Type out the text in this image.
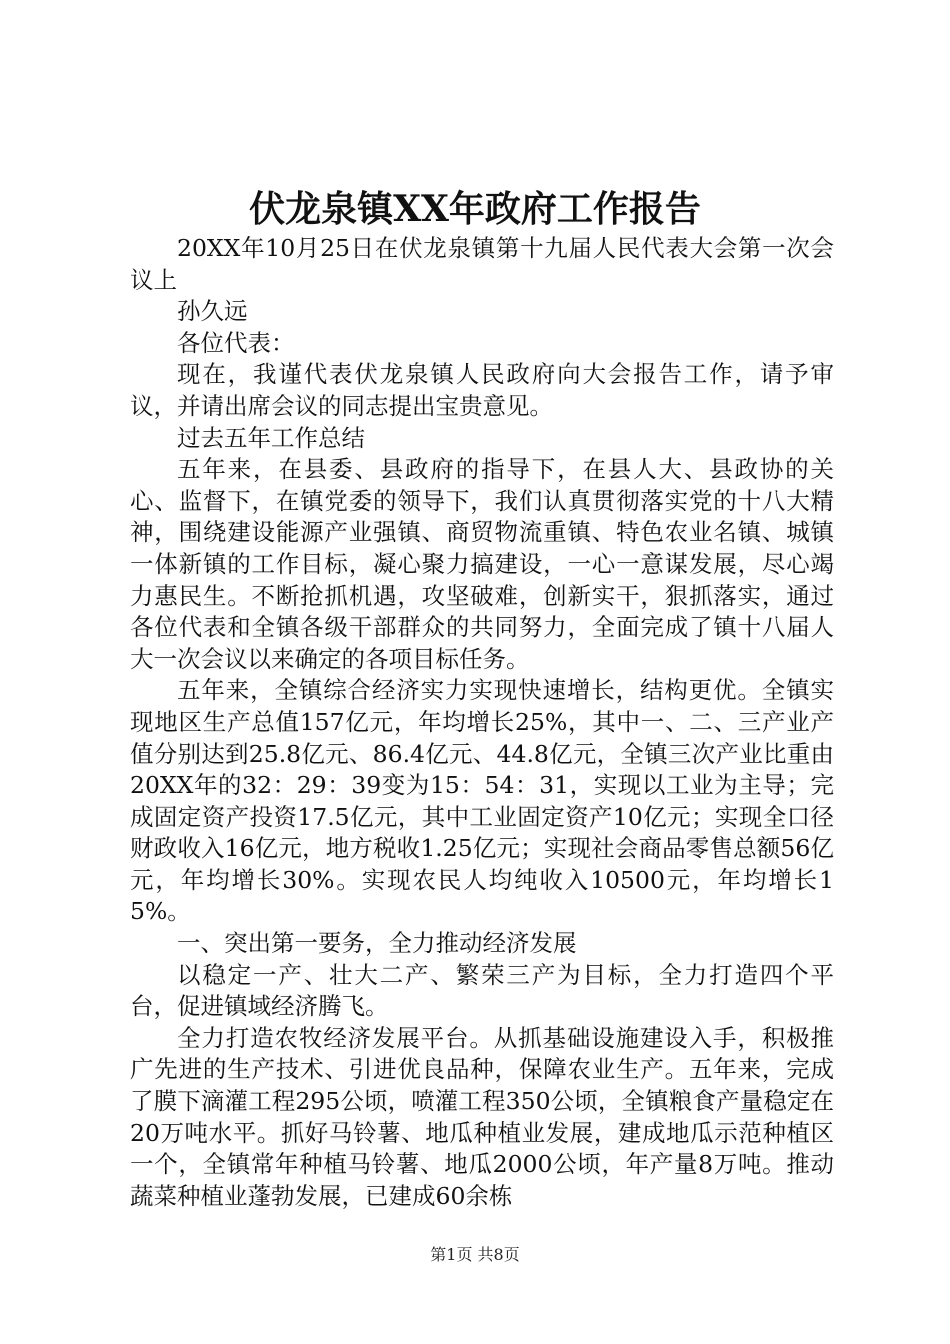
伏龙泉镇XX年政府工作报告

20XX年10月25日在伏龙泉镇第十九届人民代表大会第一次会议上

孙久远

各位代表：

现在，我谨代表伏龙泉镇人民政府向大会报告工作，请予审议，并请出席会议的同志提出宝贵意见。

过去五年工作总结

五年来，在县委、县政府的指导下，在县人大、县政协的关心、监督下，在镇党委的领导下，我们认真贯彻落实党的十八大精神，围绕建设能源产业强镇、商贸物流重镇、特色农业名镇、城镇一体新镇的工作目标，凝心聚力搞建设，一心一意谋发展，尽心竭力惠民生。不断抢抓机遇，攻坚破难，创新实干，狠抓落实，通过各位代表和全镇各级干部群众的共同努力，全面完成了镇十八届人大一次会议以来确定的各项目标任务。

五年来，全镇综合经济实力实现快速增长，结构更优。全镇实现地区生产总值157亿元，年均增长25%，其中一、二、三产业产值分别达到25.8亿元、86.4亿元、44.8亿元，全镇三次产业比重由20XX年的32：29：39变为15：54：31，实现以工业为主导；完成固定资产投资17.5亿元，其中工业固定资产10亿元；实现全口径财政收入16亿元，地方税收1.25亿元；实现社会商品零售总额56亿元，年均增长30%。实现农民人均纯收入10500元，年均增长15%。

一、突出第一要务，全力推动经济发展

以稳定一产、壮大二产、繁荣三产为目标，全力打造四个平台，促进镇域经济腾飞。

全力打造农牧经济发展平台。从抓基础设施建设入手，积极推广先进的生产技术、引进优良品种，保障农业生产。五年来，完成了膜下滴灌工程295公顷，喷灌工程350公顷，全镇粮食产量稳定在20万吨水平。抓好马铃薯、地瓜种植业发展，建成地瓜示范种植区一个，全镇常年种植马铃薯、地瓜2000公顷，年产量8万吨。推动蔬菜种植业蓬勃发展，已建成60余栋

第1页 共8页
